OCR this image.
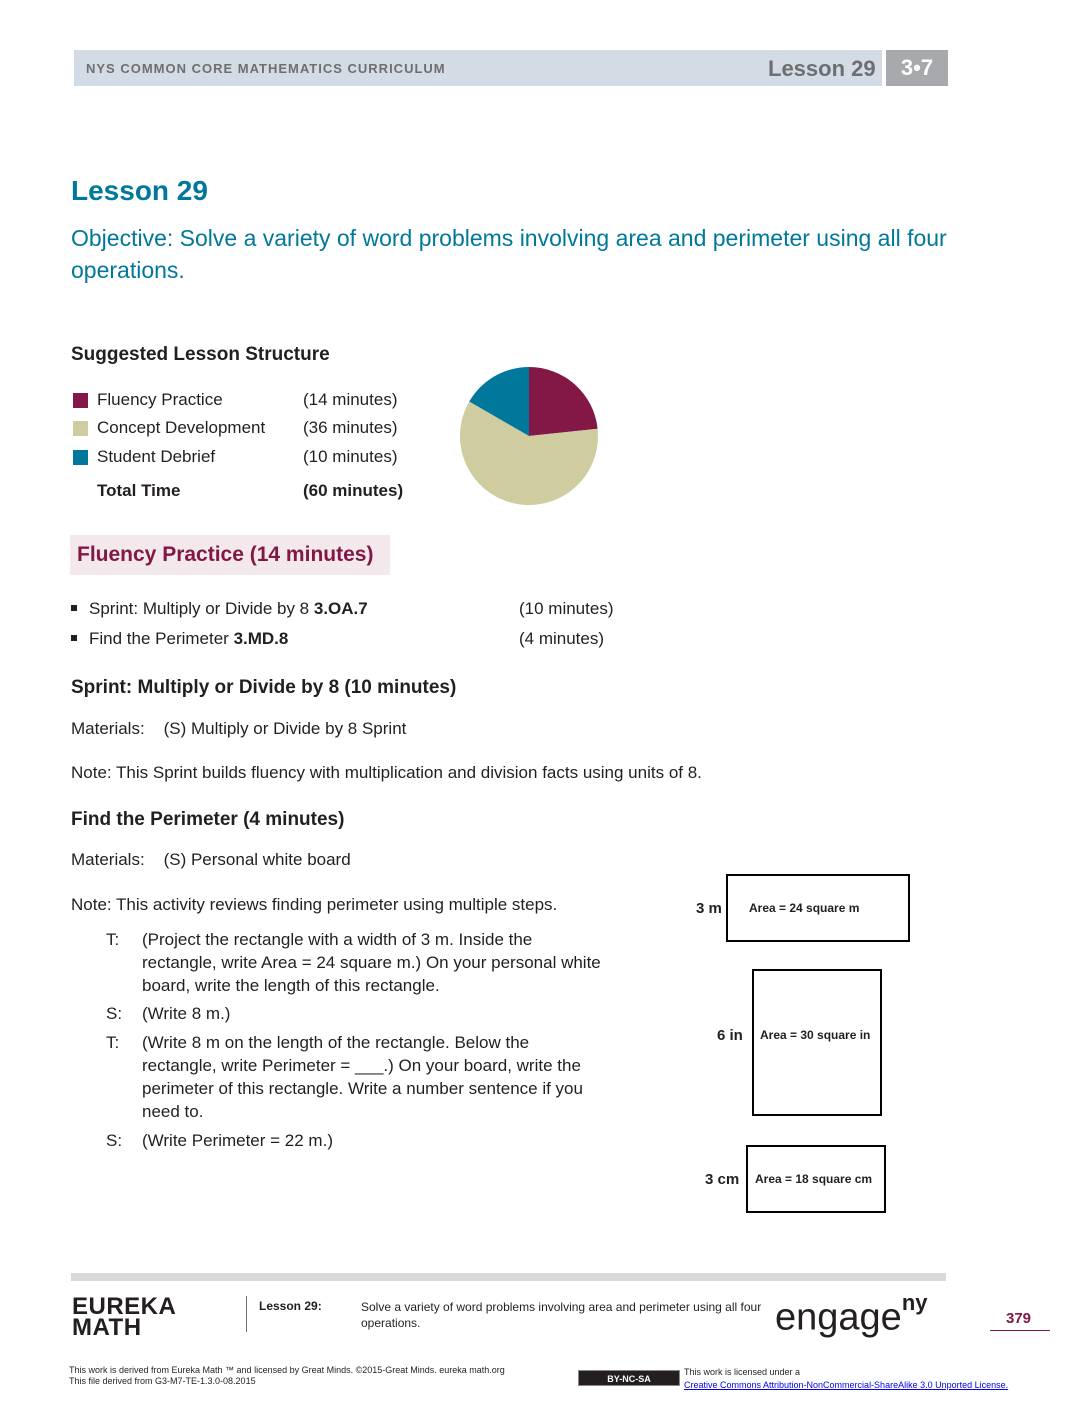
NYS COMMON CORE MATHEMATICS CURRICULUM	Lesson 29	3•7
Lesson 29
Objective: Solve a variety of word problems involving area and perimeter using all four operations.
Suggested Lesson Structure
Fluency Practice	(14 minutes)
Concept Development (36 minutes)
Student Debrief	(10 minutes)
Total Time	(60 minutes)
Fluency Practice (14 minutes)
Sprint: Multiply or Divide by 8 3.OA.7	(10 minutes)
Find the Perimeter 3.MD.8	(4 minutes)
Sprint: Multiply or Divide by 8 (10 minutes)
Materials:    (S) Multiply or Divide by 8 Sprint
Note: This Sprint builds fluency with multiplication and division facts using units of 8.
Find the Perimeter (4 minutes)
Materials:    (S) Personal white board
Note: This activity reviews finding perimeter using multiple steps.
T: (Project the rectangle with a width of 3 m. Inside the rectangle, write Area = 24 square m.) On your personal white board, write the length of this rectangle.
S: (Write 8 m.)
T: (Write 8 m on the length of the rectangle. Below the rectangle, write Perimeter = ___.) On your board, write the perimeter of this rectangle. Write a number sentence if you need to.
S: (Write Perimeter = 22 m.)
3 m Area = 24 square m
6 in Area = 30 square in
3 cm Area = 18 square cm
EUREKA
MATH
Lesson 29:	Solve a variety of word problems involving area and perimeter using all four operations.	engage$^{ny}$
379
This work is derived from Eureka Math ™ and licensed by Great Minds. ©2015-Great Minds. eureka math.org
This file derived from G3-M7-TE-1.3.0-08.2015	BY-NC-SA
This work is licensed under a
Creative Commons Attribution-NonCommercial-ShareAlike 3.0 Unported License.
